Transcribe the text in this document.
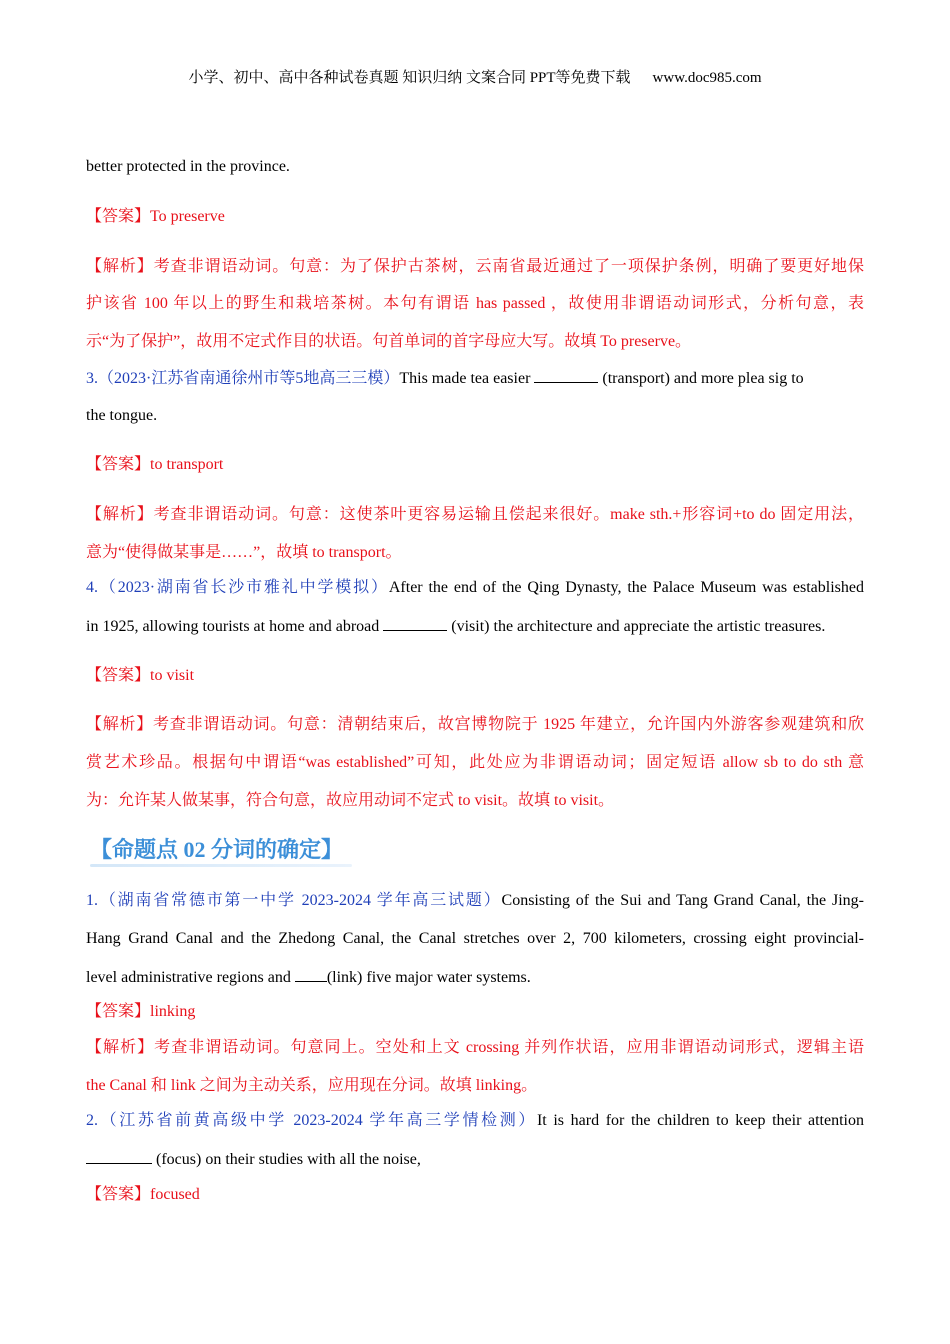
小学、初中、高中各种试卷真题 知识归纳 文案合同 PPT等免费下载 www.doc985.com
better protected in the province.
【答案】To preserve
【解析】考查非谓语动词。句意：为了保护古茶树，云南省最近通过了一项保护条例，明确了要更好地保
护该省 100 年以上的野生和栽培茶树。本句有谓语 has passed ，故使用非谓语动词形式，分析句意，表
示“为了保护”，故用不定式作目的状语。句首单词的首字母应大写。故填 To preserve。
3.（2023·江苏省南通徐州市等5地高三三模）This made tea easier	(transport) and more plea sig to
the tongue.
【答案】to transport
【解析】考查非谓语动词。句意：这使茶叶更容易运输且偿起来很好。make sth.+形容词+to do 固定用法，
意为“使得做某事是……”，故填 to transport。
4.（2023·湖南省长沙市雅礼中学模拟）After the end of the Qing Dynasty, the Palace Museum was established
in 1925, allowing tourists at home and abroad	(visit) the architecture and appreciate the artistic treasures.
【答案】to visit
【解析】考查非谓语动词。句意：清朝结束后，故宫博物院于 1925 年建立，允许国内外游客参观建筑和欣
赏艺术珍品。根据句中谓语“was established”可知，此处应为非谓语动词；固定短语 allow sb to do sth 意
为：允许某人做某事，符合句意，故应用动词不定式 to visit。故填 to visit。
【命题点 02 分词的确定】
1.（湖南省常德市第一中学 2023-2024 学年高三试题）Consisting of the Sui and Tang Grand Canal, the Jing-
Hang Grand Canal and the Zhedong Canal, the Canal stretches over 2, 700 kilometers, crossing eight provincial-
level administrative regions and (link) five major water systems.
【答案】linking
【解析】考查非谓语动词。句意同上。空处和上文 crossing 并列作状语，应用非谓语动词形式，逻辑主语
the Canal 和 link 之间为主动关系，应用现在分词。故填 linking。
2.（江苏省前黄高级中学 2023-2024 学年高三学情检测）It is hard for the children to keep their attention
(focus) on their studies with all the noise,
【答案】focused
